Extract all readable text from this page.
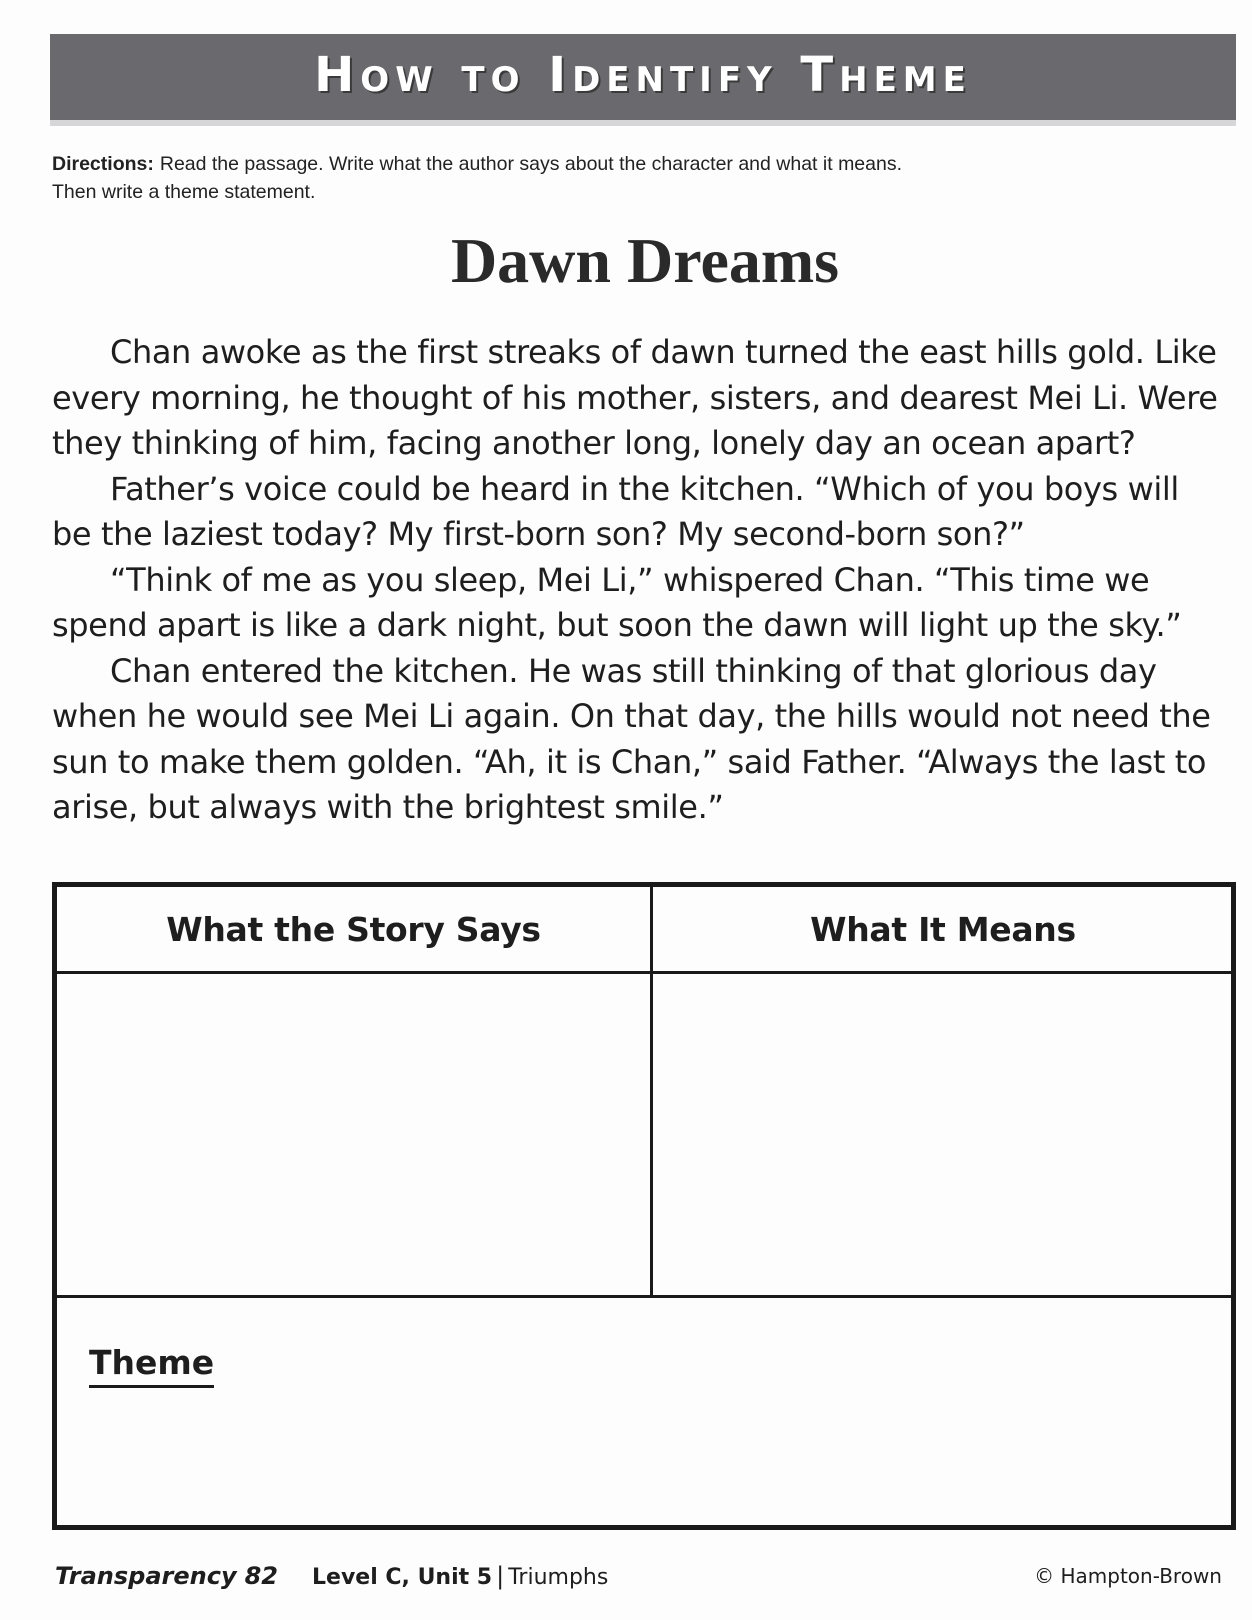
How to Identify Theme
Directions: Read the passage. Write what the author says about the character and what it means. Then write a theme statement.
Dawn Dreams

Chan awoke as the first streaks of dawn turned the east hills gold. Like every morning, he thought of his mother, sisters, and dearest Mei Li. Were they thinking of him, facing another long, lonely day an ocean apart?

Father’s voice could be heard in the kitchen. “Which of you boys will be the laziest today? My first-born son? My second-born son?”

“Think of me as you sleep, Mei Li,” whispered Chan. “This time we spend apart is like a dark night, but soon the dawn will light up the sky.”

Chan entered the kitchen. He was still thinking of that glorious day when he would see Mei Li again. On that day, the hills would not need the sun to make them golden. “Ah, it is Chan,” said Father. “Always the last to arise, but always with the brightest smile.”

What the Story Says	What It Means
Theme
Transparency 82 Level C, Unit 5 | Triumphs	© Hampton-Brown
